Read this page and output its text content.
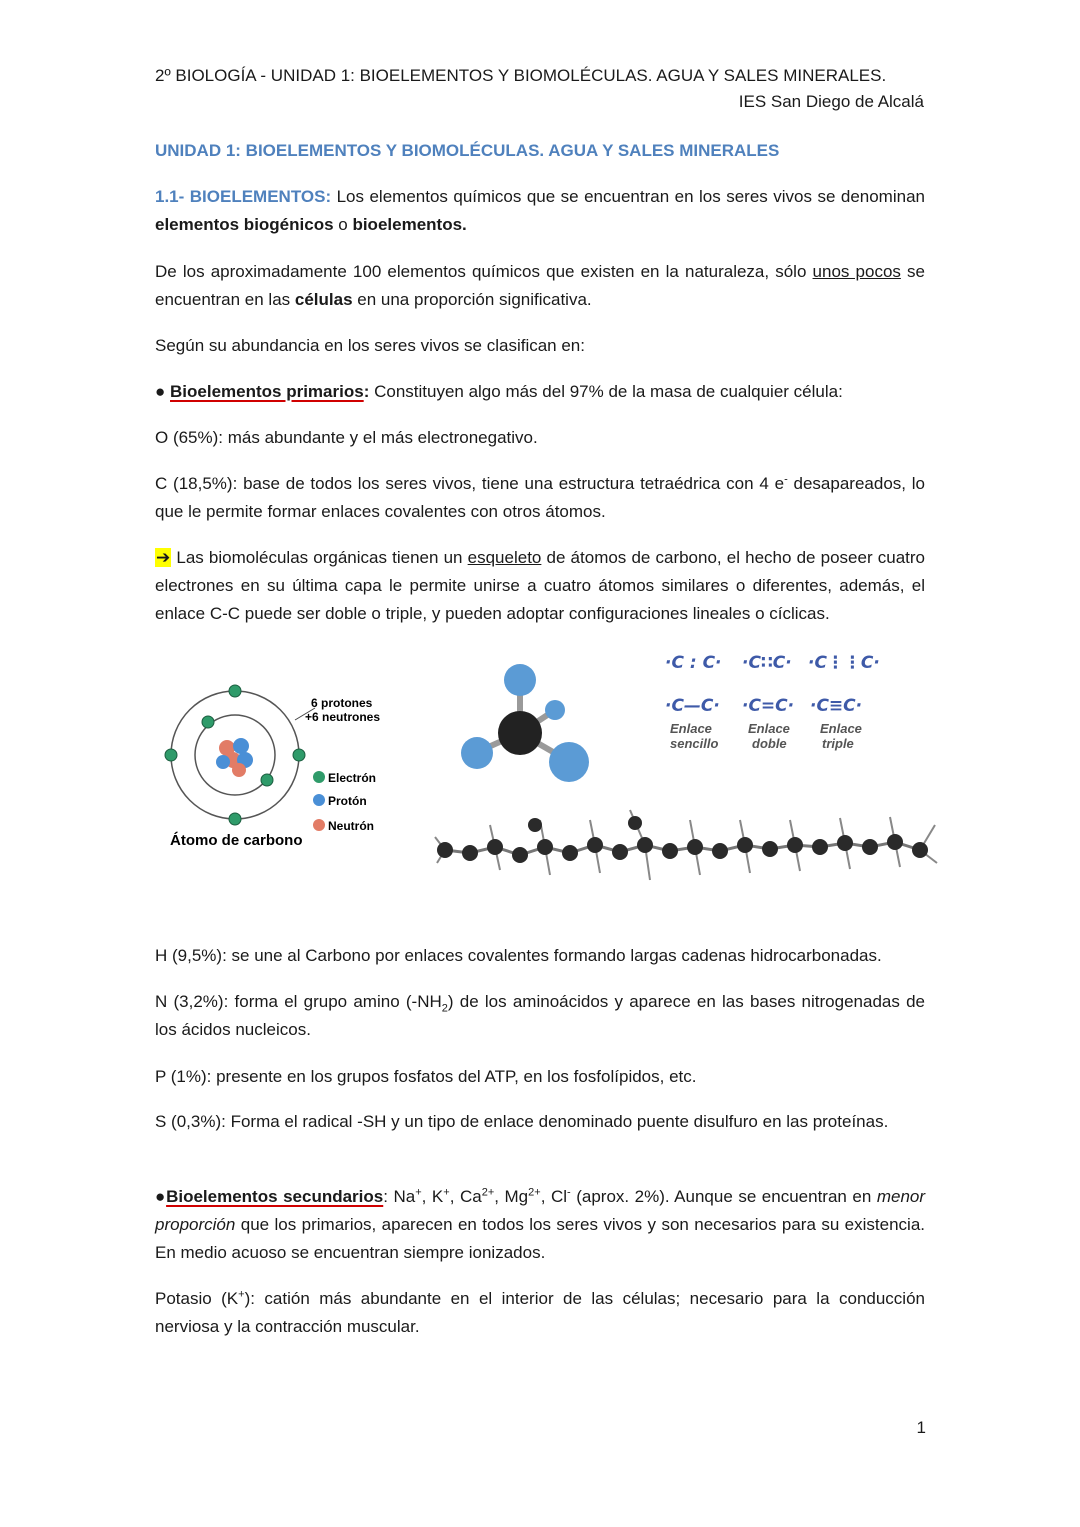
2º BIOLOGÍA - UNIDAD 1: BIOELEMENTOS Y BIOMOLÉCULAS. AGUA Y SALES MINERALES.
IES San Diego de Alcalá
UNIDAD 1: BIOELEMENTOS Y BIOMOLÉCULAS. AGUA Y SALES MINERALES
1.1- BIOELEMENTOS: Los elementos químicos que se encuentran en los seres vivos se denominan elementos biogénicos o bioelementos.
De los aproximadamente 100 elementos químicos que existen en la naturaleza, sólo unos pocos se encuentran en las células en una proporción significativa.
Según su abundancia en los seres vivos se clasifican en:
● Bioelementos primarios: Constituyen algo más del 97% de la masa de cualquier célula:
O (65%): más abundante y el más electronegativo.
C (18,5%): base de todos los seres vivos, tiene una estructura tetraédrica con 4 e- desapareados, lo que le permite formar enlaces covalentes con otros átomos.
➔ Las biomoléculas orgánicas tienen un esqueleto de átomos de carbono, el hecho de poseer cuatro electrones en su última capa le permite unirse a cuatro átomos similares o diferentes, además, el enlace C-C puede ser doble o triple, y pueden adoptar configuraciones lineales o cíclicas.
6 protones
+6 neutrones
Electrón
Protón
Neutrón
Átomo de carbono
·C : C· ·C∷C· ·C⋮⋮C·
·C—C· ·C=C· ·C≡C·
Enlace sencillo
Enlace doble
Enlace triple
H (9,5%): se une al Carbono por enlaces covalentes formando largas cadenas hidrocarbonadas.
N (3,2%): forma el grupo amino $(-NH_2)$ de los aminoácidos y aparece en las bases nitrogenadas de los ácidos nucleicos.
P (1%): presente en los grupos fosfatos del ATP, en los fosfolípidos, etc.
S (0,3%): Forma el radical -SH y un tipo de enlace denominado puente disulfuro en las proteínas.
●Bioelementos secundarios: Na+, K+, $Ca^{2+}$, $Mg^{2+}$, Cl- (aprox. 2%). Aunque se encuentran en menor proporción que los primarios, aparecen en todos los seres vivos y son necesarios para su existencia. En medio acuoso se encuentran siempre ionizados.
Potasio (K+): catión más abundante en el interior de las células; necesario para la conducción nerviosa y la contracción muscular.
1
